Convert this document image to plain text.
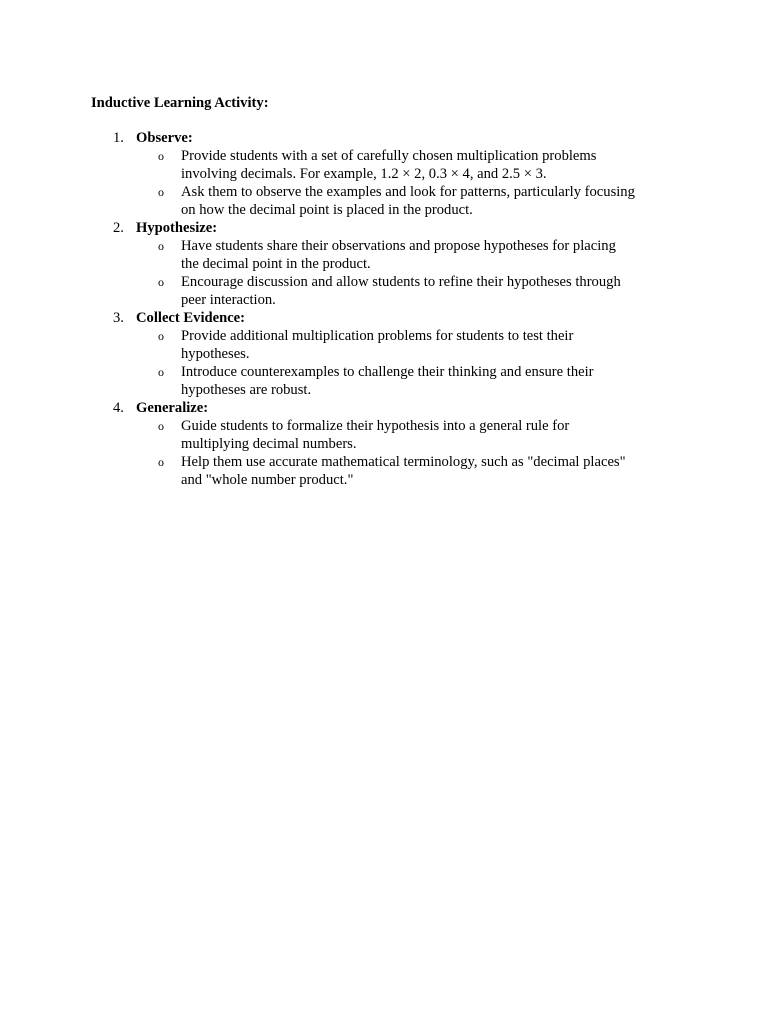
Inductive Learning Activity:
1. Observe:
o Provide students with a set of carefully chosen multiplication problems involving decimals. For example, 1.2 × 2, 0.3 × 4, and 2.5 × 3.
o Ask them to observe the examples and look for patterns, particularly focusing on how the decimal point is placed in the product.
2. Hypothesize:
o Have students share their observations and propose hypotheses for placing the decimal point in the product.
o Encourage discussion and allow students to refine their hypotheses through peer interaction.
3. Collect Evidence:
o Provide additional multiplication problems for students to test their hypotheses.
o Introduce counterexamples to challenge their thinking and ensure their hypotheses are robust.
4. Generalize:
o Guide students to formalize their hypothesis into a general rule for multiplying decimal numbers.
o Help them use accurate mathematical terminology, such as "decimal places" and "whole number product."
